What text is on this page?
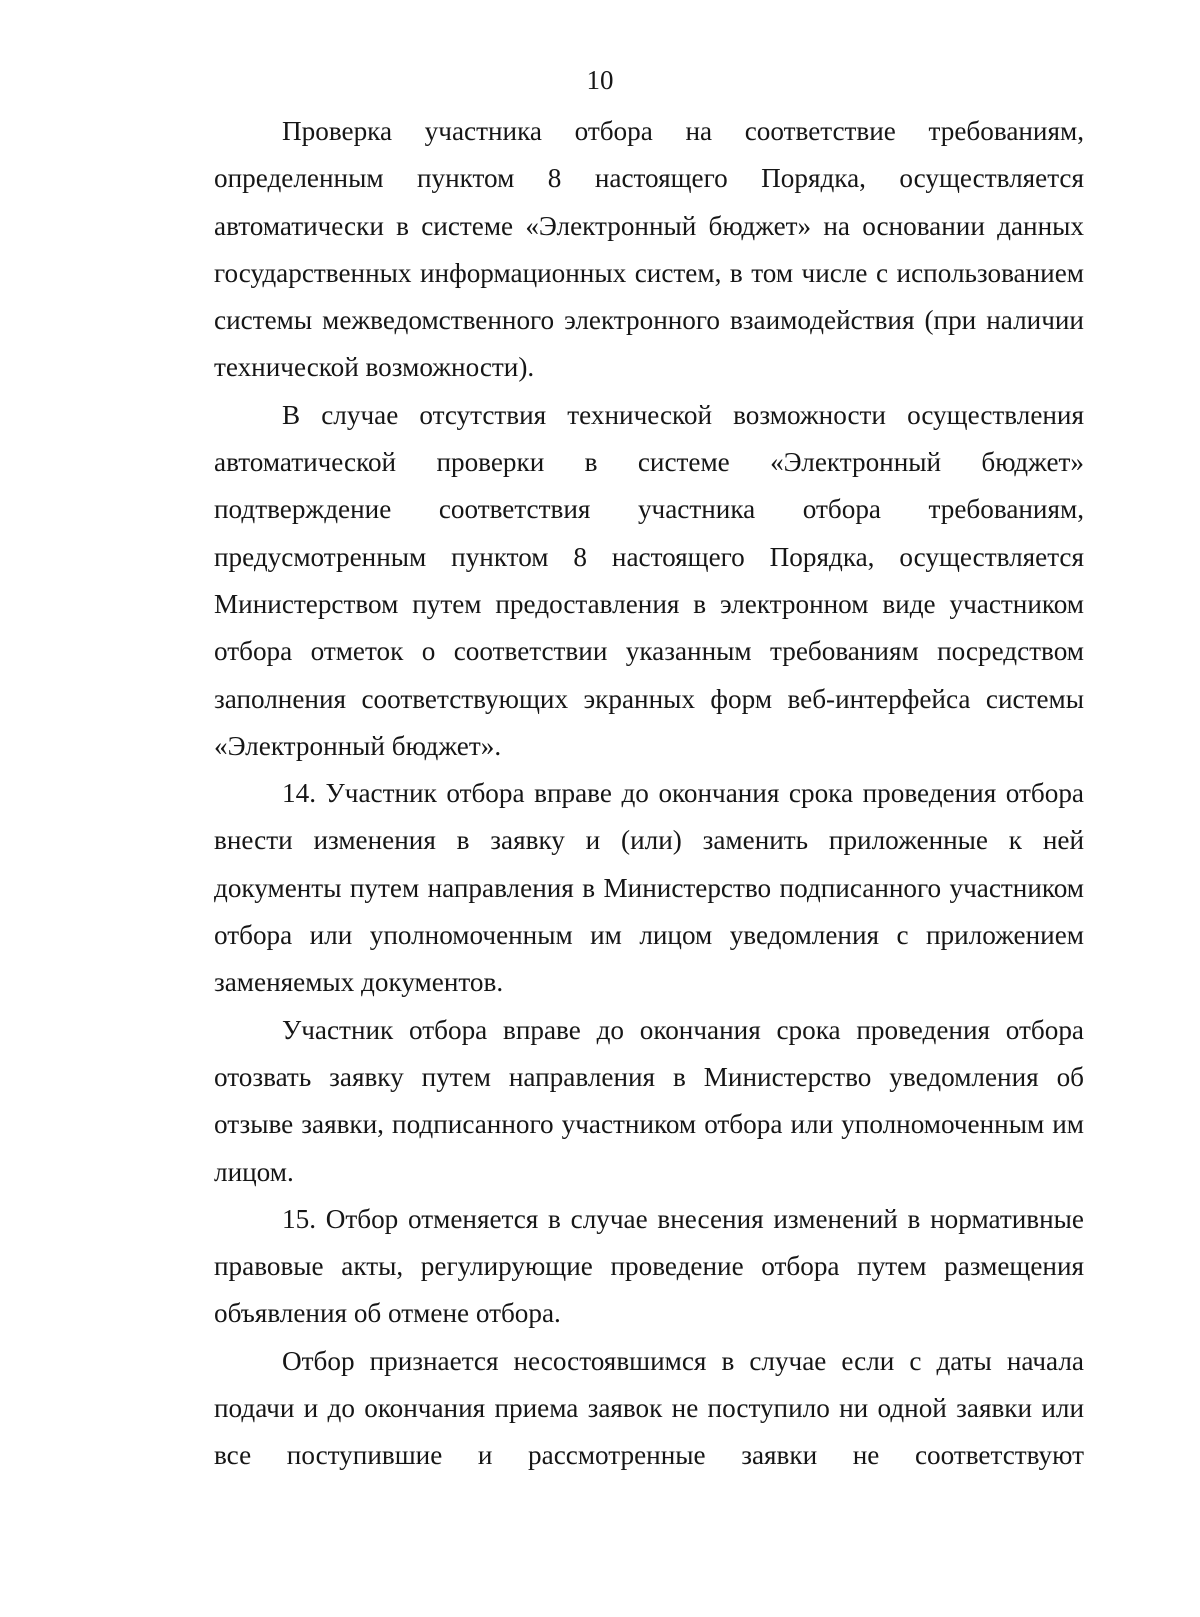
10

Проверка участника отбора на соответствие требованиям, определенным пунктом 8 настоящего Порядка, осуществляется автоматически в системе «Электронный бюджет» на основании данных государственных информационных систем, в том числе с использованием системы межведомственного электронного взаимодействия (при наличии технической возможности).

В случае отсутствия технической возможности осуществления автоматической проверки в системе «Электронный бюджет» подтверждение соответствия участника отбора требованиям, предусмотренным пунктом 8 настоящего Порядка, осуществляется Министерством путем предоставления в электронном виде участником отбора отметок о соответствии указанным требованиям посредством заполнения соответствующих экранных форм веб-интерфейса системы «Электронный бюджет».

14. Участник отбора вправе до окончания срока проведения отбора внести изменения в заявку и (или) заменить приложенные к ней документы путем направления в Министерство подписанного участником отбора или уполномоченным им лицом уведомления с приложением заменяемых документов.

Участник отбора вправе до окончания срока проведения отбора отозвать заявку путем направления в Министерство уведомления об отзыве заявки, подписанного участником отбора или уполномоченным им лицом.

15. Отбор отменяется в случае внесения изменений в нормативные правовые акты, регулирующие проведение отбора путем размещения объявления об отмене отбора.

Отбор признается несостоявшимся в случае если с даты начала подачи и до окончания приема заявок не поступило ни одной заявки или все поступившие и рассмотренные заявки не соответствуют
